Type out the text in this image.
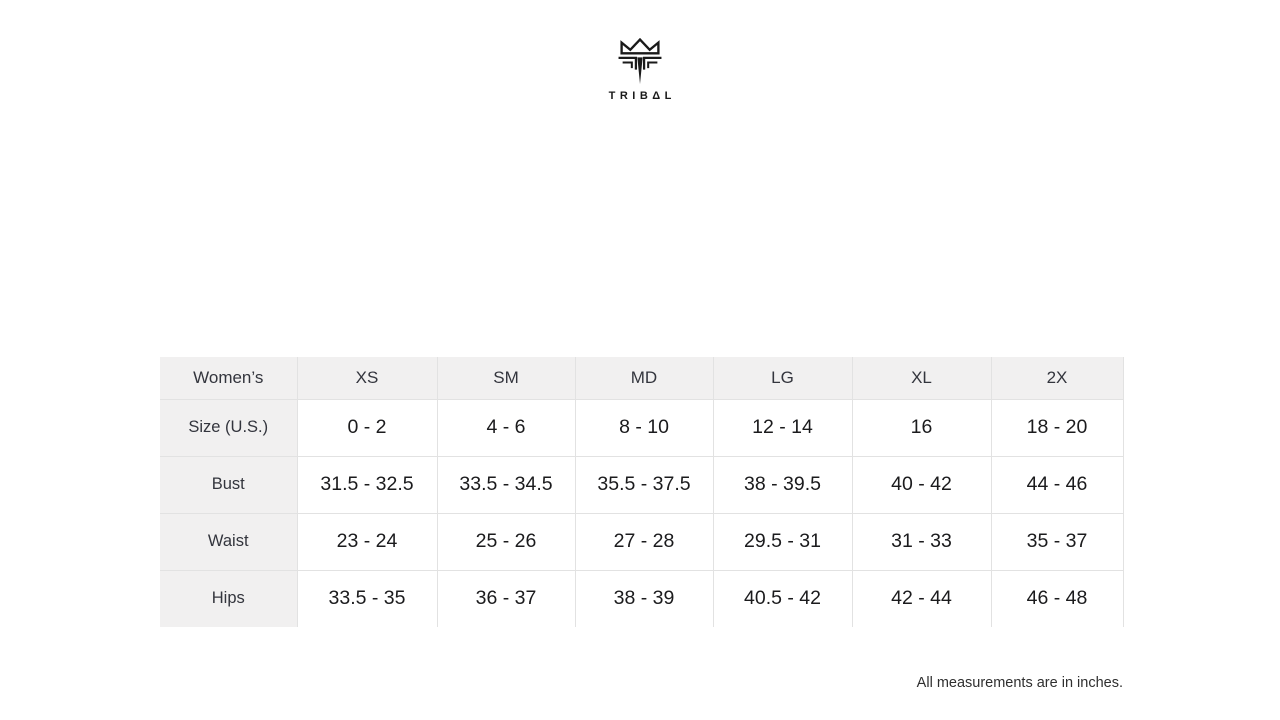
TRIBΔL
Women’s	XS	SM	MD	LG	XL	2X
Size (U.S.)	0 - 2	4 - 6	8 - 10	12 - 14	16	18 - 20
Bust	31.5 - 32.5	33.5 - 34.5	35.5 - 37.5	38 - 39.5	40 - 42	44 - 46
Waist	23 - 24	25 - 26	27 - 28	29.5 - 31	31 - 33	35 - 37
Hips	33.5 - 35	36 - 37	38 - 39	40.5 - 42	42 - 44	46 - 48
All measurements are in inches.
